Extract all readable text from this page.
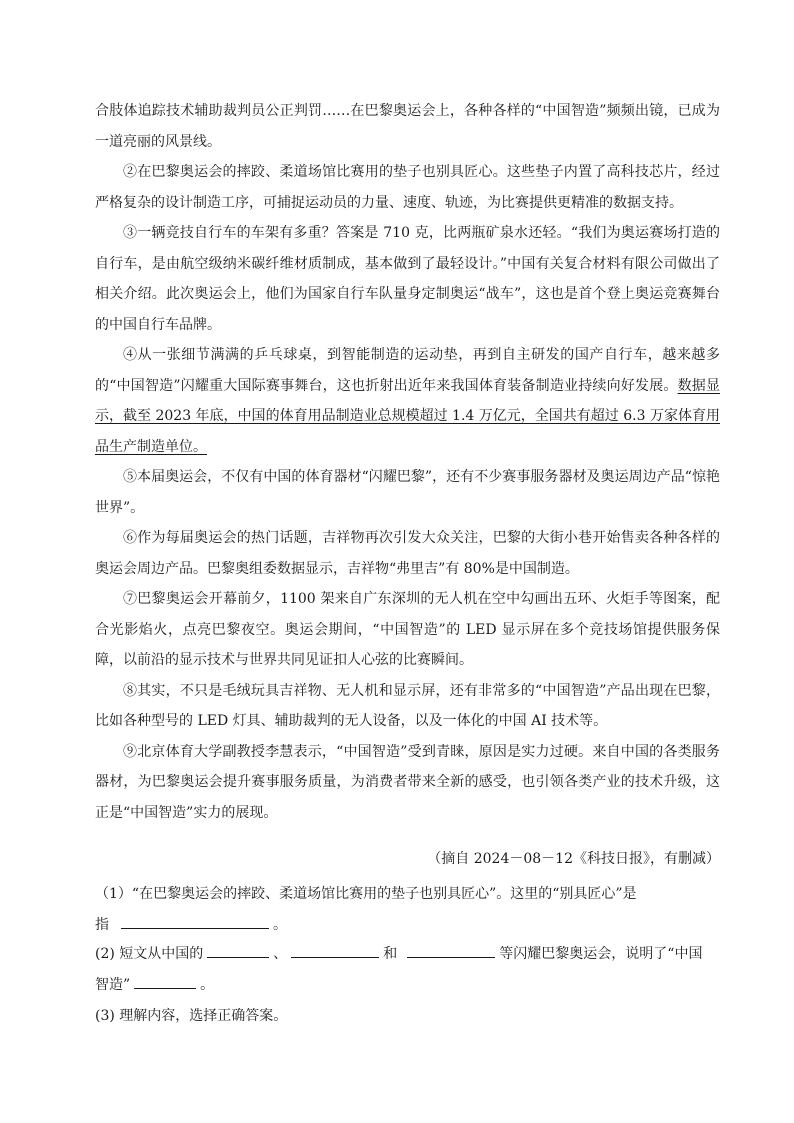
合肢体追踪技术辅助裁判员公正判罚……在巴黎奥运会上，各种各样的“中国智造”频频出镜，已成为一道亮丽的风景线。

②在巴黎奥运会的摔跤、柔道场馆比赛用的垫子也别具匠心。这些垫子内置了高科技芯片，经过严格复杂的设计制造工序，可捕捉运动员的力量、速度、轨迹，为比赛提供更精准的数据支持。

③一辆竞技自行车的车架有多重？答案是 710 克，比两瓶矿泉水还轻。“我们为奥运赛场打造的自行车，是由航空级纳米碳纤维材质制成，基本做到了最轻设计。”中国有关复合材料有限公司做出了相关介绍。此次奥运会上，他们为国家自行车队量身定制奥运“战车”，这也是首个登上奥运竞赛舞台的中国自行车品牌。

④从一张细节满满的乒乓球桌，到智能制造的运动垫，再到自主研发的国产自行车，越来越多的“中国智造”闪耀重大国际赛事舞台，这也折射出近年来我国体育装备制造业持续向好发展。数据显示，截至 2023 年底，中国的体育用品制造业总规模超过 1.4 万亿元，全国共有超过 6.3 万家体育用品生产制造单位。

⑤本届奥运会，不仅有中国的体育器材“闪耀巴黎”，还有不少赛事服务器材及奥运周边产品“惊艳世界”。

⑥作为每届奥运会的热门话题，吉祥物再次引发大众关注，巴黎的大街小巷开始售卖各种各样的奥运会周边产品。巴黎奥组委数据显示，吉祥物“弗里吉”有 80%是中国制造。

⑦巴黎奥运会开幕前夕，1100 架来自广东深圳的无人机在空中勾画出五环、火炬手等图案，配合光影焰火，点亮巴黎夜空。奥运会期间，“中国智造”的 LED 显示屏在多个竞技场馆提供服务保障，以前沿的显示技术与世界共同见证扣人心弦的比赛瞬间。

⑧其实，不只是毛绒玩具吉祥物、无人机和显示屏，还有非常多的“中国智造”产品出现在巴黎，比如各种型号的 LED 灯具、辅助裁判的无人设备，以及一体化的中国 AI 技术等。

⑨北京体育大学副教授李慧表示，“中国智造”受到青睐，原因是实力过硬。来自中国的各类服务器材，为巴黎奥运会提升赛事服务质量，为消费者带来全新的感受，也引领各类产业的技术升级，这正是“中国智造”实力的展现。

（摘自 2024－08－12《科技日报》，有删减）

（1）“在巴黎奥运会的摔跤、柔道场馆比赛用的垫子也别具匠心”。这里的“别具匠心”是
指	。

(2) 短文从中国的	、	和	等闪耀巴黎奥运会，说明了“中国
智造”	。

(3) 理解内容，选择正确答案。
